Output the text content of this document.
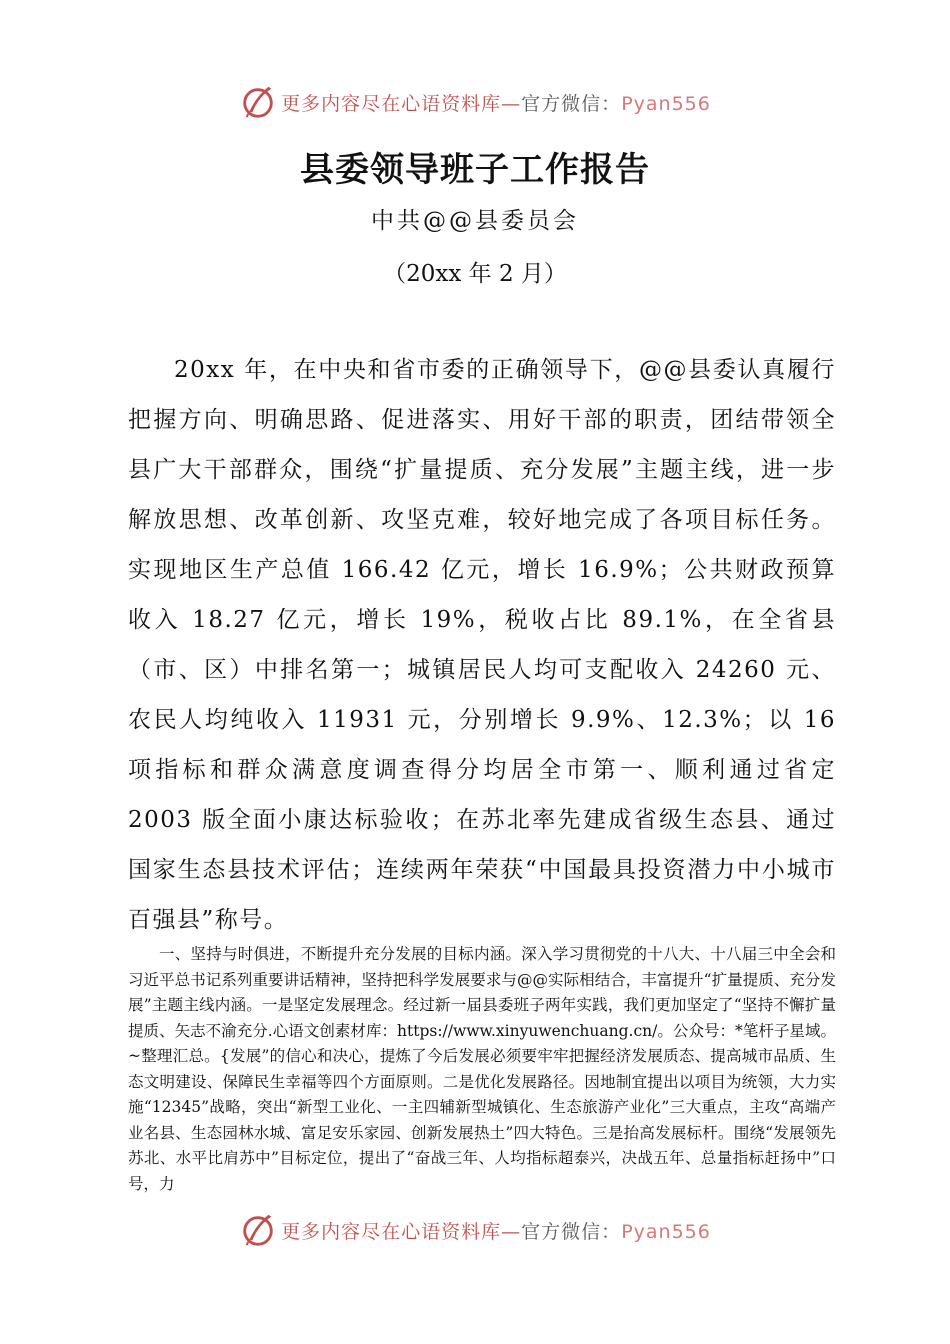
更多内容尽在心语资料库—官方微信：Pyan556
县委领导班子工作报告
中共@@县委员会
（20xx 年 2 月）

20xx 年，在中央和省市委的正确领导下，@@县委认真履行把握方向、明确思路、促进落实、用好干部的职责，团结带领全县广大干部群众，围绕“扩量提质、充分发展”主题主线，进一步解放思想、改革创新、攻坚克难，较好地完成了各项目标任务。实现地区生产总值 166.42 亿元，增长 16.9%；公共财政预算收入 18.27 亿元，增长 19%，税收占比 89.1%，在全省县（市、区）中排名第一；城镇居民人均可支配收入 24260 元、农民人均纯收入 11931 元，分别增长 9.9%、12.3%；以 16 项指标和群众满意度调查得分均居全市第一、顺利通过省定 2003 版全面小康达标验收；在苏北率先建成省级生态县、通过国家生态县技术评估；连续两年荣获“中国最具投资潜力中小城市百强县”称号。

一、坚持与时俱进，不断提升充分发展的目标内涵。深入学习贯彻党的十八大、十八届三中全会和习近平总书记系列重要讲话精神，坚持把科学发展要求与@@实际相结合，丰富提升“扩量提质、充分发展”主题主线内涵。一是坚定发展理念。经过新一届县委班子两年实践，我们更加坚定了“坚持不懈扩量提质、矢志不渝充分.心语文创素材库：https://www.xinyuwenchuang.cn/。公众号：*笔杆子星域。~整理汇总。{发展”的信心和决心，提炼了今后发展必须要牢牢把握经济发展质态、提高城市品质、生态文明建设、保障民生幸福等四个方面原则。二是优化发展路径。因地制宜提出以项目为统领，大力实施“12345”战略，突出“新型工业化、一主四辅新型城镇化、生态旅游产业化”三大重点，主攻“高端产业名县、生态园林水城、富足安乐家园、创新发展热土”四大特色。三是抬高发展标杆。围绕“发展领先苏北、水平比肩苏中”目标定位，提出了“奋战三年、人均指标超泰兴，决战五年、总量指标赶扬中”口号，力

更多内容尽在心语资料库—官方微信：Pyan556
